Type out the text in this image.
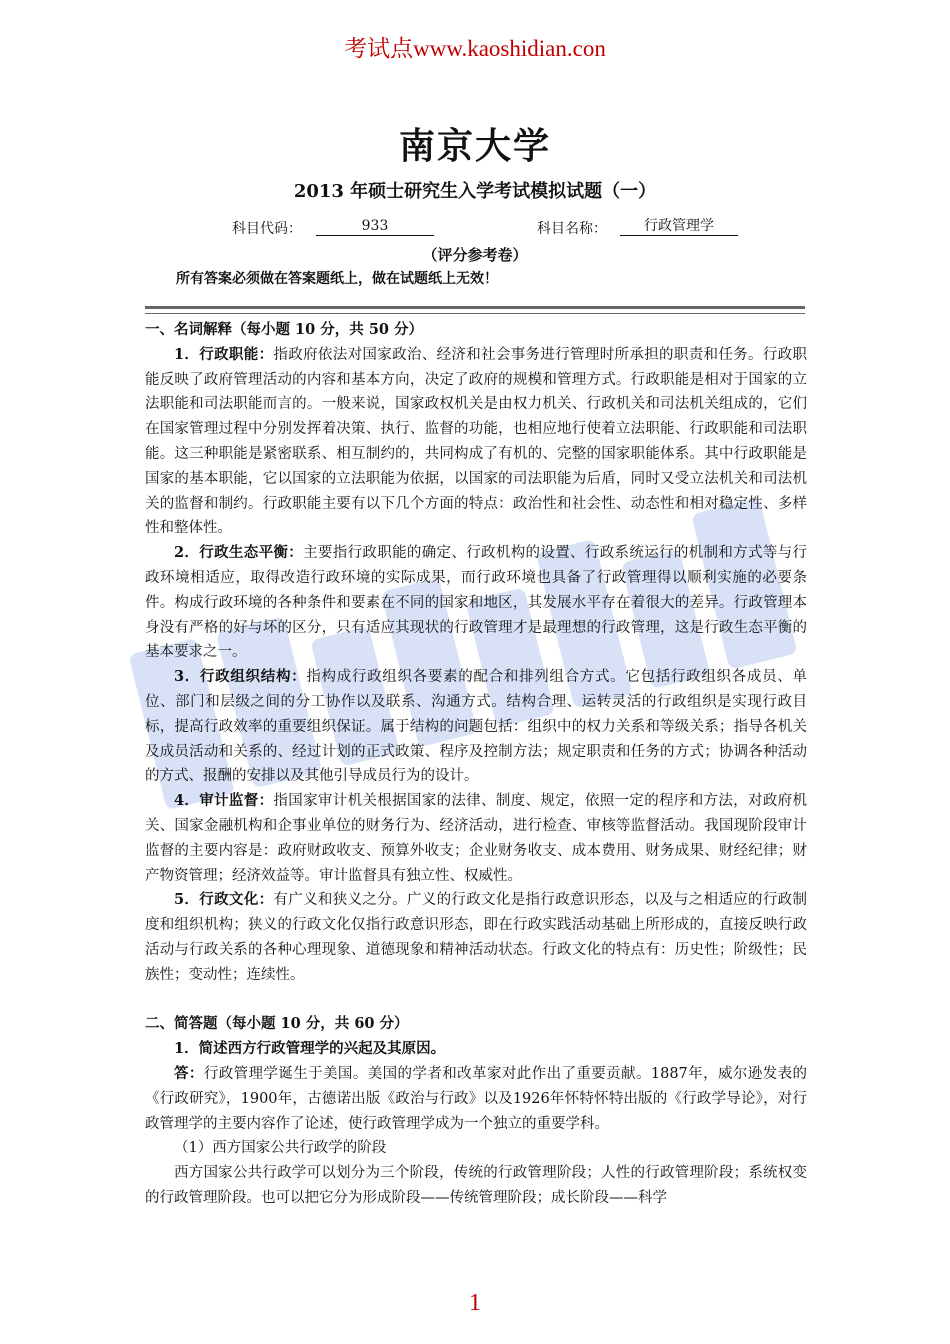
考试点www.kaoshidian.con
南京大学
2013 年硕士研究生入学考试模拟试题（一）
科目代码：	933	科目名称：	行政管理学
（评分参考卷）
所有答案必须做在答案题纸上，做在试题纸上无效！

一、名词解释（每小题 10 分，共 50 分）

1．行政职能：指政府依法对国家政治、经济和社会事务进行管理时所承担的职责和任务。行政职能反映了政府管理活动的内容和基本方向，决定了政府的规模和管理方式。行政职能是相对于国家的立法职能和司法职能而言的。一般来说，国家政权机关是由权力机关、行政机关和司法机关组成的，它们在国家管理过程中分别发挥着决策、执行、监督的功能，也相应地行使着立法职能、行政职能和司法职能。这三种职能是紧密联系、相互制约的，共同构成了有机的、完整的国家职能体系。其中行政职能是国家的基本职能，它以国家的立法职能为依据，以国家的司法职能为后盾，同时又受立法机关和司法机关的监督和制约。行政职能主要有以下几个方面的特点：政治性和社会性、动态性和相对稳定性、多样性和整体性。

2．行政生态平衡：主要指行政职能的确定、行政机构的设置、行政系统运行的机制和方式等与行政环境相适应，取得改造行政环境的实际成果，而行政环境也具备了行政管理得以顺利实施的必要条件。构成行政环境的各种条件和要素在不同的国家和地区，其发展水平存在着很大的差异。行政管理本身没有严格的好与坏的区分，只有适应其现状的行政管理才是最理想的行政管理，这是行政生态平衡的基本要求之一。

3．行政组织结构：指构成行政组织各要素的配合和排列组合方式。它包括行政组织各成员、单位、部门和层级之间的分工协作以及联系、沟通方式。结构合理、运转灵活的行政组织是实现行政目标，提高行政效率的重要组织保证。属于结构的问题包括：组织中的权力关系和等级关系；指导各机关及成员活动和关系的、经过计划的正式政策、程序及控制方法；规定职责和任务的方式；协调各种活动的方式、报酬的安排以及其他引导成员行为的设计。

4．审计监督：指国家审计机关根据国家的法律、制度、规定，依照一定的程序和方法，对政府机关、国家金融机构和企事业单位的财务行为、经济活动，进行检查、审核等监督活动。我国现阶段审计监督的主要内容是：政府财政收支、预算外收支；企业财务收支、成本费用、财务成果、财经纪律；财产物资管理；经济效益等。审计监督具有独立性、权威性。

5．行政文化：有广义和狭义之分。广义的行政文化是指行政意识形态，以及与之相适应的行政制度和组织机构；狭义的行政文化仅指行政意识形态，即在行政实践活动基础上所形成的，直接反映行政活动与行政关系的各种心理现象、道德现象和精神活动状态。行政文化的特点有：历史性；阶级性；民族性；变动性；连续性。

二、简答题（每小题 10 分，共 60 分）

1．简述西方行政管理学的兴起及其原因。

答：行政管理学诞生于美国。美国的学者和改革家对此作出了重要贡献。1887年，威尔逊发表的《行政研究》，1900年，古德诺出版《政治与行政》以及1926年怀特怀特出版的《行政学导论》，对行政管理学的主要内容作了论述，使行政管理学成为一个独立的重要学科。

（1）西方国家公共行政学的阶段

西方国家公共行政学可以划分为三个阶段，传统的行政管理阶段；人性的行政管理阶段；系统权变的行政管理阶段。也可以把它分为形成阶段——传统管理阶段；成长阶段——科学

1
